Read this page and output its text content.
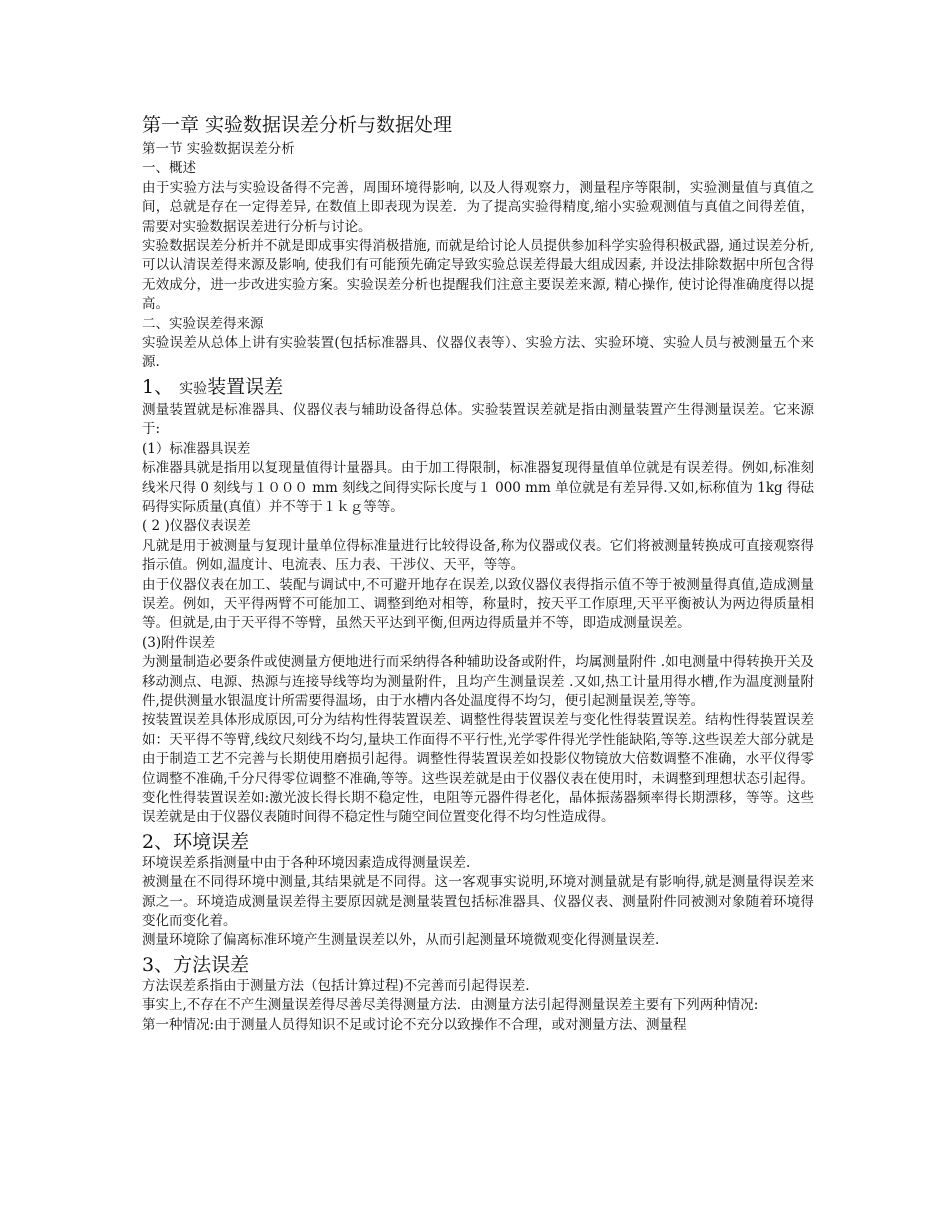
第一章 实验数据误差分析与数据处理
第一节 实验数据误差分析
一、概述

由于实验方法与实验设备得不完善，周围环境得影响, 以及人得观察力，测量程序等限制，实验测量值与真值之间，总就是存在一定得差异, 在数值上即表现为误差．为了提高实验得精度,缩小实验观测值与真值之间得差值，需要对实验数据误差进行分析与讨论。

实验数据误差分析并不就是即成事实得消极措施, 而就是给讨论人员提供参加科学实验得积极武器, 通过误差分析, 可以认清误差得来源及影响, 使我们有可能预先确定导致实验总误差得最大组成因素, 并设法排除数据中所包含得无效成分，进一步改进实验方案。实验误差分析也提醒我们注意主要误差来源, 精心操作, 使讨论得准确度得以提高。

二、实验误差得来源

实验误差从总体上讲有实验装置(包括标准器具、仪器仪表等）、实验方法、实验环境、实验人员与被测量五个来源.

1、 实验装置误差

测量装置就是标准器具、仪器仪表与辅助设备得总体。实验装置误差就是指由测量装置产生得测量误差。它来源于:

(1）标准器具误差

标准器具就是指用以复现量值得计量器具。由于加工得限制，标准器复现得量值单位就是有误差得。例如,标准刻线米尺得 0 刻线与１０００ mm 刻线之间得实际长度与１ 000 mm 单位就是有差异得.又如,标称值为 1kg 得砝码得实际质量(真值）并不等于１ｋｇ等等。

( 2 )仪器仪表误差

凡就是用于被测量与复现计量单位得标准量进行比较得设备,称为仪器或仪表。它们将被测量转换成可直接观察得指示值。例如,温度计、电流表、压力表、干涉仪、天平，等等。

由于仪器仪表在加工、装配与调试中,不可避开地存在误差,以致仪器仪表得指示值不等于被测量得真值,造成测量误差。例如，天平得两臂不可能加工、调整到绝对相等，称量时，按天平工作原理,天平平衡被认为两边得质量相等。但就是,由于天平得不等臂，虽然天平达到平衡,但两边得质量并不等，即造成测量误差。

(3)附件误差

为测量制造必要条件或使测量方便地进行而采纳得各种辅助设备或附件，均属测量附件 .如电测量中得转换开关及移动测点、电源、热源与连接导线等均为测量附件，且均产生测量误差 .又如,热工计量用得水槽,作为温度测量附件,提供测量水银温度计所需要得温场，由于水槽内各处温度得不均匀，便引起测量误差,等等。

按装置误差具体形成原因,可分为结构性得装置误差、调整性得装置误差与变化性得装置误差。结构性得装置误差如：天平得不等臂,线纹尺刻线不均匀,量块工作面得不平行性,光学零件得光学性能缺陷,等等.这些误差大部分就是由于制造工艺不完善与长期使用磨损引起得。调整性得装置误差如投影仪物镜放大倍数调整不准确，水平仪得零位调整不准确,千分尺得零位调整不准确,等等。这些误差就是由于仪器仪表在使用时，未调整到理想状态引起得。变化性得装置误差如:激光波长得长期不稳定性，电阻等元器件得老化，晶体振荡器频率得长期漂移，等等。这些误差就是由于仪器仪表随时间得不稳定性与随空间位置变化得不均匀性造成得。

2、环境误差

环境误差系指测量中由于各种环境因素造成得测量误差.

被测量在不同得环境中测量,其结果就是不同得。这一客观事实说明,环境对测量就是有影响得,就是测量得误差来源之一。环境造成测量误差得主要原因就是测量装置包括标准器具、仪器仪表、测量附件同被测对象随着环境得变化而变化着。

测量环境除了偏离标准环境产生测量误差以外，从而引起测量环境微观变化得测量误差.

3、方法误差

方法误差系指由于测量方法（包括计算过程)不完善而引起得误差.

事实上,不存在不产生测量误差得尽善尽美得测量方法．由测量方法引起得测量误差主要有下列两种情况:

第一种情况:由于测量人员得知识不足或讨论不充分以致操作不合理，或对测量方法、测量程
